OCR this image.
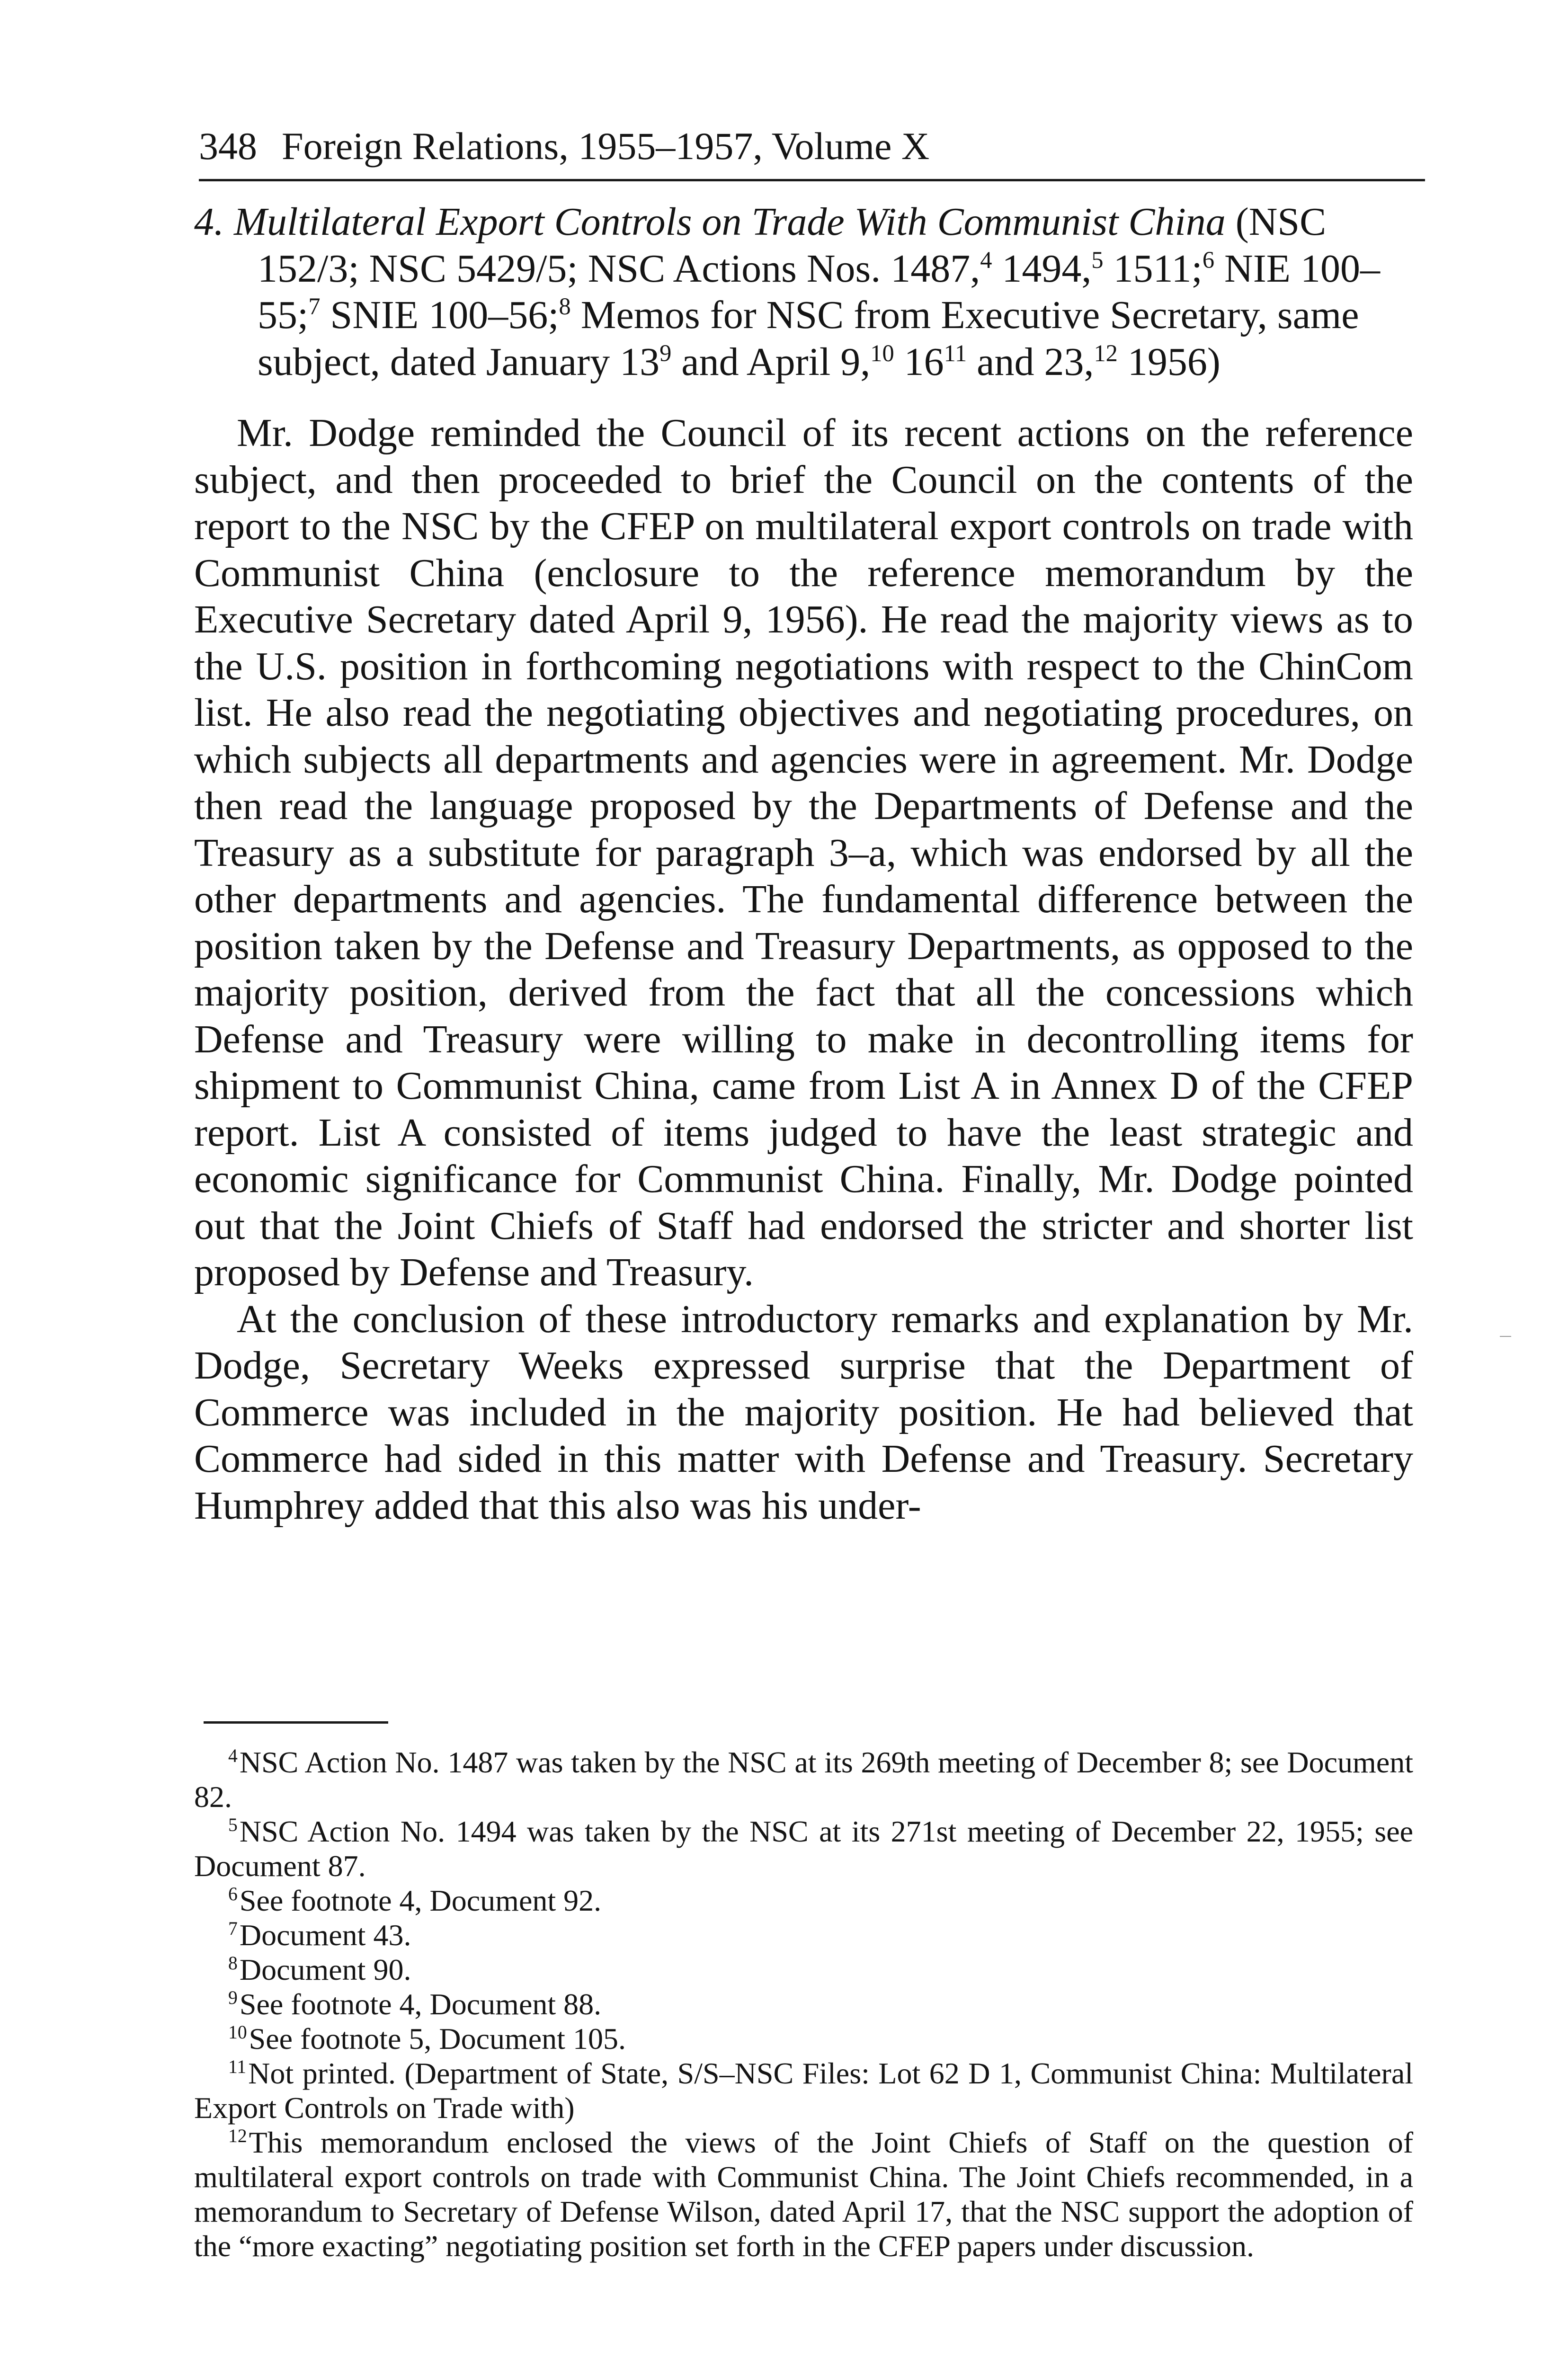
348 Foreign Relations, 1955–1957, Volume X

4. Multilateral Export Controls on Trade With Communist China (NSC 152/3; NSC 5429/5; NSC Actions Nos. 1487,$^4$ 1494,$^5$ 1511;$^6$ NIE 100–55;$^7$ SNIE 100–56;$^8$ Memos for NSC from Executive Secretary, same subject, dated January $13^9$ and April 9,10 $16^{11}$ and 23,12 1956)

Mr. Dodge reminded the Council of its recent actions on the reference subject, and then proceeded to brief the Council on the contents of the report to the NSC by the CFEP on multilateral export controls on trade with Communist China (enclosure to the reference memorandum by the Executive Secretary dated April 9, 1956). He read the majority views as to the U.S. position in forthcoming negotiations with respect to the ChinCom list. He also read the negotiating objectives and negotiating procedures, on which subjects all departments and agencies were in agreement. Mr. Dodge then read the language proposed by the Departments of Defense and the Treasury as a substitute for paragraph 3–a, which was endorsed by all the other departments and agencies. The fundamental difference between the position taken by the Defense and Treasury Departments, as opposed to the majority position, derived from the fact that all the concessions which Defense and Treasury were willing to make in decontrolling items for shipment to Communist China, came from List A in Annex D of the CFEP report. List A consisted of items judged to have the least strategic and economic significance for Communist China. Finally, Mr. Dodge pointed out that the Joint Chiefs of Staff had endorsed the stricter and shorter list proposed by Defense and Treasury.

At the conclusion of these introductory remarks and explanation by Mr. Dodge, Secretary Weeks expressed surprise that the Department of Commerce was included in the majority position. He had believed that Commerce had sided in this matter with Defense and Treasury. Secretary Humphrey added that this also was his under-

$^4$NSC Action No. 1487 was taken by the NSC at its 269th meeting of December 8; see Document 82.

$^5$NSC Action No. 1494 was taken by the NSC at its 271st meeting of December 22, 1955; see Document 87.

$^6$See footnote 4, Document 92.

$^7$Document 43.

$^8$Document 90.

$^9$See footnote 4, Document 88.

$^{10}$See footnote 5, Document 105.

$^{11}$Not printed. (Department of State, S/S–NSC Files: Lot 62 D 1, Communist China: Multilateral Export Controls on Trade with)

$^{12}$This memorandum enclosed the views of the Joint Chiefs of Staff on the question of multilateral export controls on trade with Communist China. The Joint Chiefs recommended, in a memorandum to Secretary of Defense Wilson, dated April 17, that the NSC support the adoption of the “more exacting” negotiating position set forth in the CFEP papers under discussion.
